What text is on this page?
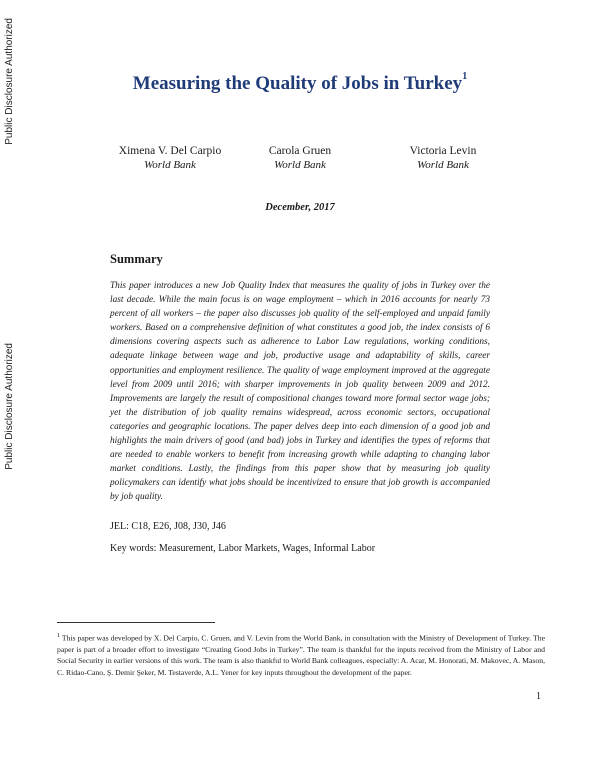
Public Disclosure Authorized
Public Disclosure Authorized
Measuring the Quality of Jobs in Turkey$^1$
Ximena V. Del Carpio
World Bank
Carola Gruen
World Bank
Victoria Levin
World Bank
December, 2017
Summary

This paper introduces a new Job Quality Index that measures the quality of jobs in Turkey over the last decade. While the main focus is on wage employment – which in 2016 accounts for nearly 73 percent of all workers – the paper also discusses job quality of the self-employed and unpaid family workers. Based on a comprehensive definition of what constitutes a good job, the index consists of 6 dimensions covering aspects such as adherence to Labor Law regulations, working conditions, adequate linkage between wage and job, productive usage and adaptability of skills, career opportunities and employment resilience. The quality of wage employment improved at the aggregate level from 2009 until 2016; with sharper improvements in job quality between 2009 and 2012. Improvements are largely the result of compositional changes toward more formal sector wage jobs; yet the distribution of job quality remains widespread, across economic sectors, occupational categories and geographic locations. The paper delves deep into each dimension of a good job and highlights the main drivers of good (and bad) jobs in Turkey and identifies the types of reforms that are needed to enable workers to benefit from increasing growth while adapting to changing labor market conditions. Lastly, the findings from this paper show that by measuring job quality policymakers can identify what jobs should be incentivized to ensure that job growth is accompanied by job quality.

JEL: C18, E26, J08, J30, J46
Key words: Measurement, Labor Markets, Wages, Informal Labor

$^1$ This paper was developed by X. Del Carpio, C. Gruen, and V. Levin from the World Bank, in consultation with the Ministry of Development of Turkey. The paper is part of a broader effort to investigate “Creating Good Jobs in Turkey”. The team is thankful for the inputs received from the Ministry of Labor and Social Security in earlier versions of this work. The team is also thankful to World Bank colleagues, especially: A. Acar, M. Honorati, M. Makovec, A. Mason, C. Ridao-Cano, Ş. Demir Şeker, M. Testaverde, A.L. Yener for key inputs throughout the development of the paper.

1
